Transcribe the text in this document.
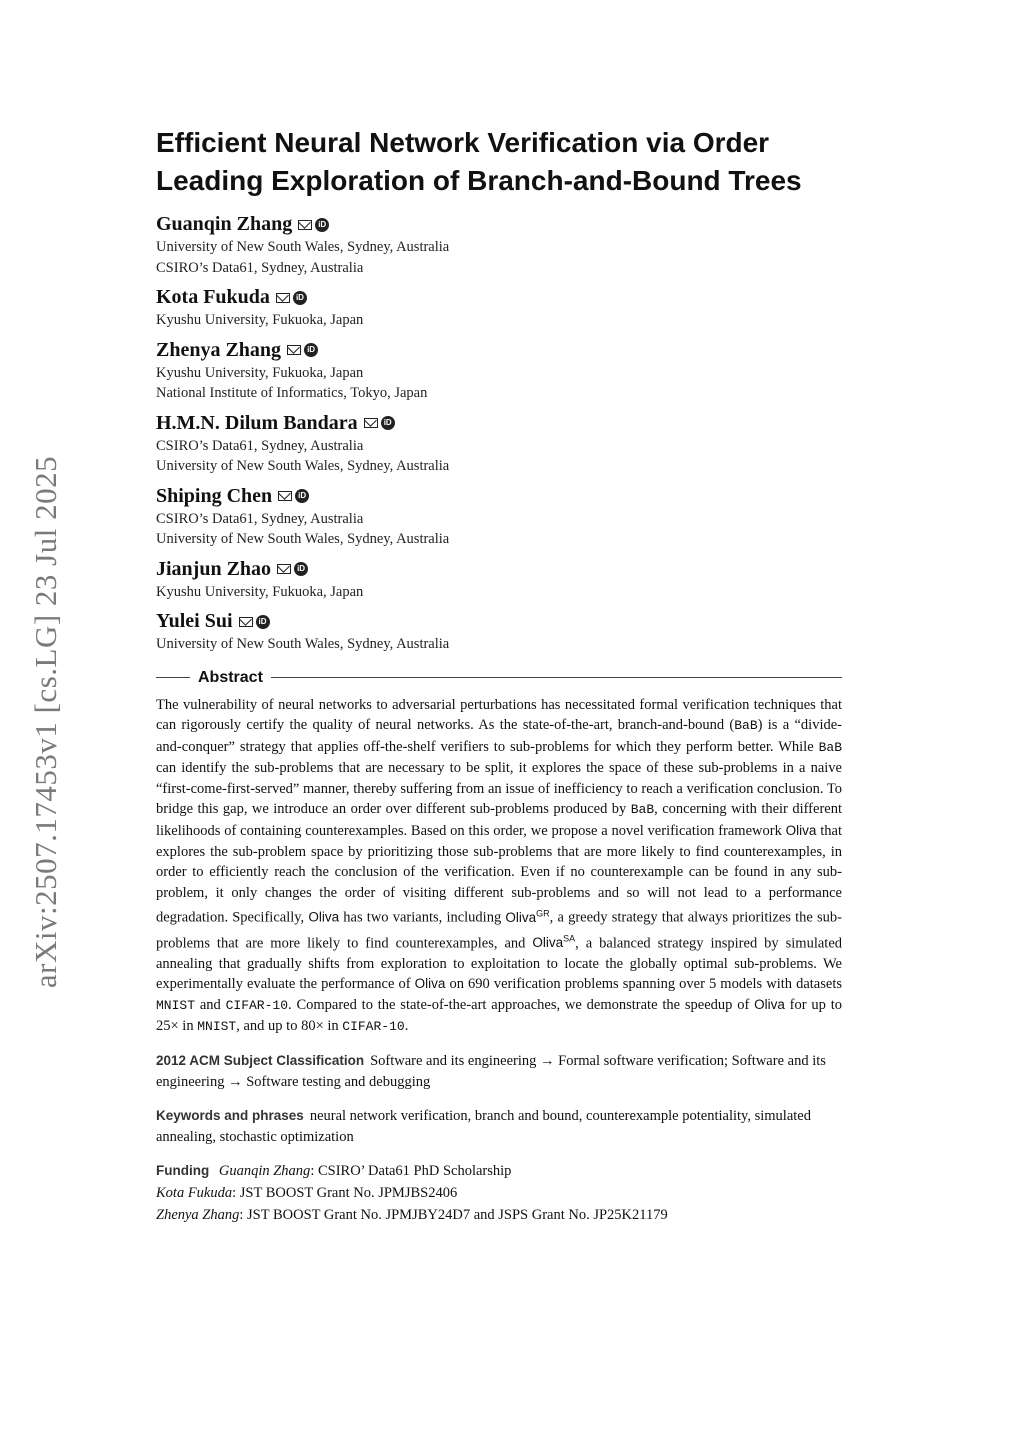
arXiv:2507.17453v1 [cs.LG] 23 Jul 2025
Efficient Neural Network Verification via Order Leading Exploration of Branch-and-Bound Trees
Guanqin Zhang	iD
University of New South Wales, Sydney, Australia
CSIRO’s Data61, Sydney, Australia
Kota Fukuda	iD
Kyushu University, Fukuoka, Japan
Zhenya Zhang	iD
Kyushu University, Fukuoka, Japan
National Institute of Informatics, Tokyo, Japan
H.M.N. Dilum Bandara	iD
CSIRO’s Data61, Sydney, Australia
University of New South Wales, Sydney, Australia
Shiping Chen	iD
CSIRO’s Data61, Sydney, Australia
University of New South Wales, Sydney, Australia
Jianjun Zhao	iD
Kyushu University, Fukuoka, Japan
Yulei Sui	iD
University of New South Wales, Sydney, Australia
Abstract

The vulnerability of neural networks to adversarial perturbations has necessitated formal verification techniques that can rigorously certify the quality of neural networks. As the state-of-the-art, branch-and-bound (BaB) is a “divide-and-conquer” strategy that applies off-the-shelf verifiers to sub-problems for which they perform better. While BaB can identify the sub-problems that are necessary to be split, it explores the space of these sub-problems in a naive “first-come-first-served” manner, thereby suffering from an issue of inefficiency to reach a verification conclusion. To bridge this gap, we introduce an order over different sub-problems produced by BaB, concerning with their different likelihoods of containing counterexamples. Based on this order, we propose a novel verification framework Oliva that explores the sub-problem space by prioritizing those sub-problems that are more likely to find counterexamples, in order to efficiently reach the conclusion of the verification. Even if no counterexample can be found in any sub-problem, it only changes the order of visiting different sub-problems and so will not lead to a performance degradation. Specifically, Oliva has two variants, including Oliva$^{GR}$, a greedy strategy that always prioritizes the sub-problems that are more likely to find counterexamples, and Oliva$^{SA}$, a balanced strategy inspired by simulated annealing that gradually shifts from exploration to exploitation to locate the globally optimal sub-problems. We experimentally evaluate the performance of Oliva on 690 verification problems spanning over 5 models with datasets MNIST and CIFAR-10. Compared to the state-of-the-art approaches, we demonstrate the speedup of Oliva for up to 25× in MNIST, and up to 80× in CIFAR-10.

2012 ACM Subject Classification Software and its engineering → Formal software verification; Software and its engineering → Software testing and debugging

Keywords and phrases neural network verification, branch and bound, counterexample potentiality, simulated annealing, stochastic optimization

Funding Guanqin Zhang: CSIRO’ Data61 PhD Scholarship
Kota Fukuda: JST BOOST Grant No. JPMJBS2406
Zhenya Zhang: JST BOOST Grant No. JPMJBY24D7 and JSPS Grant No. JP25K21179
